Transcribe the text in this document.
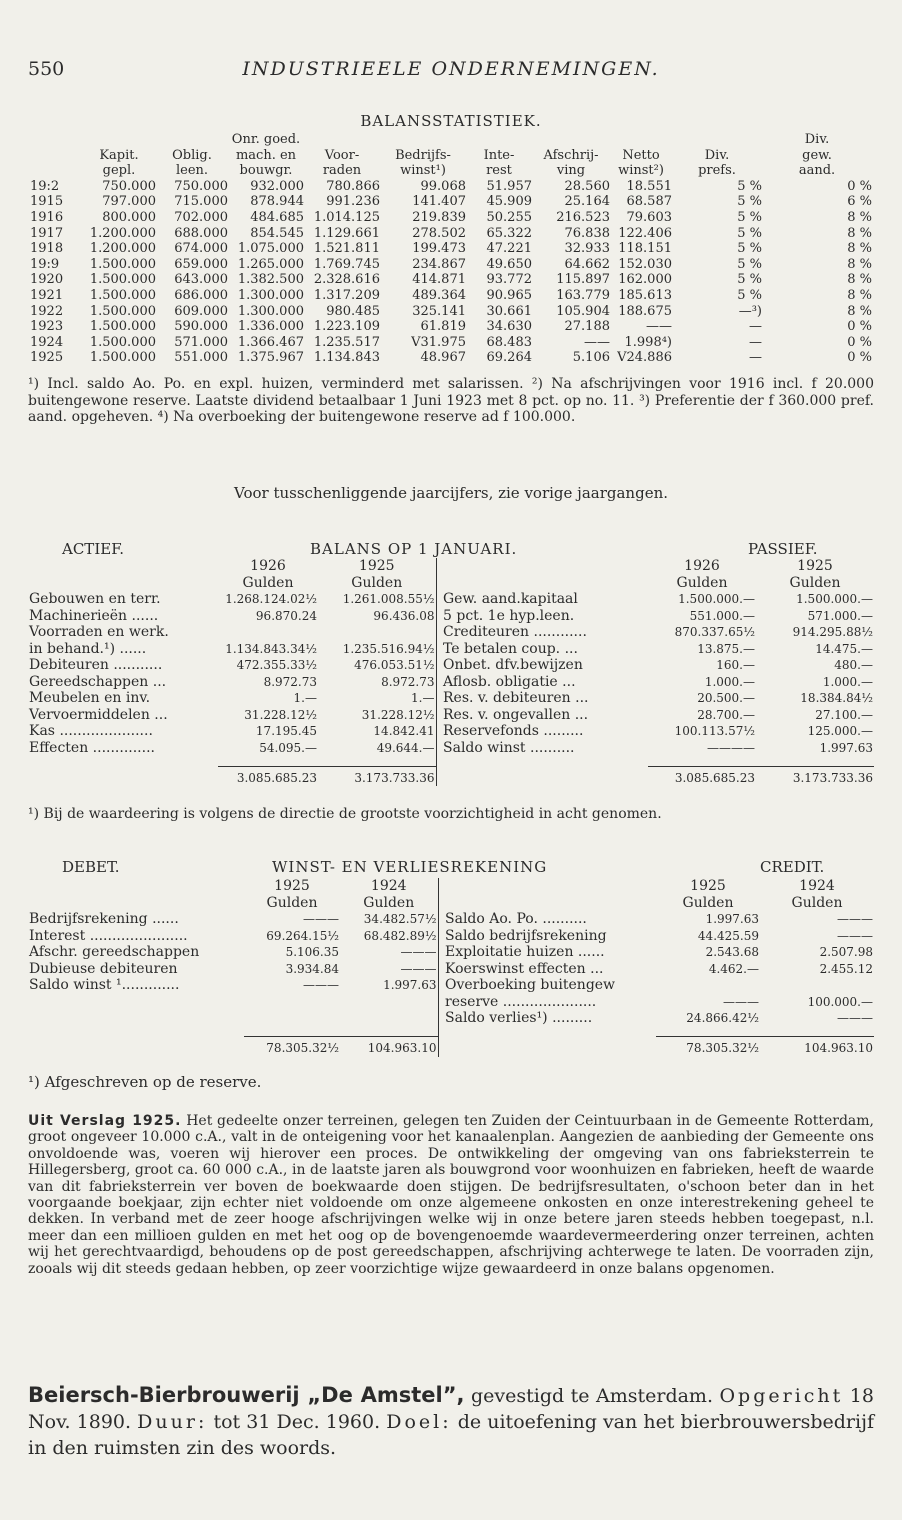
550	INDUSTRIEELE ONDERNEMINGEN.
BALANSSTATISTIEK.
			Onr. goed.							Div.
	Kapit.	Oblig.	mach. en	Voor-	Bedrijfs-	Inte-	Afschrij-	Netto	Div.	gew.
	gepl.	leen.	bouwgr.	raden	winst¹)	rest	ving	winst²)	prefs.	aand.
19:2	750.000	750.000	932.000	780.866	99.068	51.957	28.560	18.551	5 %	0 %
1915	797.000	715.000	878.944	991.236	141.407	45.909	25.164	68.587	5 %	6 %
1916	800.000	702.000	484.685	1.014.125	219.839	50.255	216.523	79.603	5 %	8 %
1917	1.200.000	688.000	854.545	1.129.661	278.502	65.322	76.838	122.406	5 %	8 %
1918	1.200.000	674.000	1.075.000	1.521.811	199.473	47.221	32.933	118.151	5 %	8 %
19:9	1.500.000	659.000	1.265.000	1.769.745	234.867	49.650	64.662	152.030	5 %	8 %
1920	1.500.000	643.000	1.382.500	2.328.616	414.871	93.772	115.897	162.000	5 %	8 %
1921	1.500.000	686.000	1.300.000	1.317.209	489.364	90.965	163.779	185.613	5 %	8 %
1922	1.500.000	609.000	1.300.000	980.485	325.141	30.661	105.904	188.675	—³)	8 %
1923	1.500.000	590.000	1.336.000	1.223.109	61.819	34.630	27.188	——	—	0 %
1924	1.500.000	571.000	1.366.467	1.235.517	V31.975	68.483	——	1.998⁴)	—	0 %
1925	1.500.000	551.000	1.375.967	1.134.843	48.967	69.264	5.106	V24.886	—	0 %
¹) Incl. saldo Ao. Po. en expl. huizen, verminderd met salarissen. ²) Na afschrijvingen voor 1916 incl. f 20.000 buitengewone reserve. Laatste dividend betaalbaar 1 Juni 1923 met 8 pct. op no. 11. ³) Preferentie der f 360.000 pref. aand. opgeheven. ⁴) Na overboeking der buitengewone reserve ad f 100.000.
Voor tusschenliggende jaarcijfers, zie vorige jaargangen.
ACTIEF.	BALANS OP 1 JANUARI.	PASSIEF.
	1926	1925			1926	1925
	Gulden	Gulden			Gulden	Gulden
Gebouwen en terr.	1.268.124.02½	1.261.008.55½		Gew. aand.kapitaal	1.500.000.—	1.500.000.—
Machinerieën ......	96.870.24	96.436.08		5 pct. 1e hyp.leen.	551.000.—	571.000.—
Voorraden en werk.				Crediteuren ............	870.337.65½	914.295.88½
in behand.¹) ......	1.134.843.34½	1.235.516.94½		Te betalen coup. ...	13.875.—	14.475.—
Debiteuren ...........	472.355.33½	476.053.51½		Onbet. dfv.bewijzen	160.—	480.—
Gereedschappen ...	8.972.73	8.972.73		Aflosb. obligatie ...	1.000.—	1.000.—
Meubelen en inv.	1.—	1.—		Res. v. debiteuren ...	20.500.—	18.384.84½
Vervoermiddelen ...	31.228.12½	31.228.12½		Res. v. ongevallen ...	28.700.—	27.100.—
Kas .....................	17.195.45	14.842.41		Reservefonds .........	100.113.57½	125.000.—
Effecten ..............	54.095.—	49.644.—		Saldo winst ..........	————	1.997.63

	3.085.685.23	3.173.733.36			3.085.685.23	3.173.733.36
¹) Bij de waardeering is volgens de directie de grootste voorzichtigheid in acht genomen.
DEBET.	WINST- EN VERLIESREKENING	CREDIT.
	1925	1924			1925	1924
	Gulden	Gulden			Gulden	Gulden
Bedrijfsrekening ......	———	34.482.57½		Saldo Ao. Po. ..........	1.997.63	———
Interest ......................	69.264.15½	68.482.89½		Saldo bedrijfsrekening	44.425.59	———
Afschr. gereedschappen	5.106.35	———		Exploitatie huizen ......	2.543.68	2.507.98
Dubieuse debiteuren	3.934.84	———		Koerswinst effecten ...	4.462.—	2.455.12
Saldo winst ¹.............	———	1.997.63		Overboeking buitengew		
				reserve .....................	———	100.000.—
				Saldo verlies¹) .........	24.866.42½	———

	78.305.32½	104.963.10			78.305.32½	104.963.10
¹) Afgeschreven op de reserve.
Uit Verslag 1925. Het gedeelte onzer terreinen, gelegen ten Zuiden der Ceintuurbaan in de Gemeente Rotterdam, groot ongeveer 10.000 c.A., valt in de onteigening voor het kanaalenplan. Aangezien de aanbieding der Gemeente ons onvoldoende was, voeren wij hierover een proces. De ontwikkeling der omgeving van ons fabrieksterrein te Hillegersberg, groot ca. 60 000 c.A., in de laatste jaren als bouwgrond voor woonhuizen en fabrieken, heeft de waarde van dit fabrieksterrein ver boven de boekwaarde doen stijgen. De bedrijfsresultaten, o'schoon beter dan in het voorgaande boekjaar, zijn echter niet voldoende om onze algemeene onkosten en onze interestrekening geheel te dekken. In verband met de zeer hooge afschrijvingen welke wij in onze betere jaren steeds hebben toegepast, n.l. meer dan een millioen gulden en met het oog op de bovengenoemde waardevermeerdering onzer terreinen, achten wij het gerechtvaardigd, behoudens op de post gereedschappen, afschrijving achterwege te laten. De voorraden zijn, zooals wij dit steeds gedaan hebben, op zeer voorzichtige wijze gewaardeerd in onze balans opgenomen.
Beiersch-Bierbrouwerij „De Amstel”, gevestigd te Amsterdam. Opgericht 18 Nov. 1890. Duur: tot 31 Dec. 1960. Doel: de uitoefening van het bierbrouwersbedrijf in den ruimsten zin des woords.
